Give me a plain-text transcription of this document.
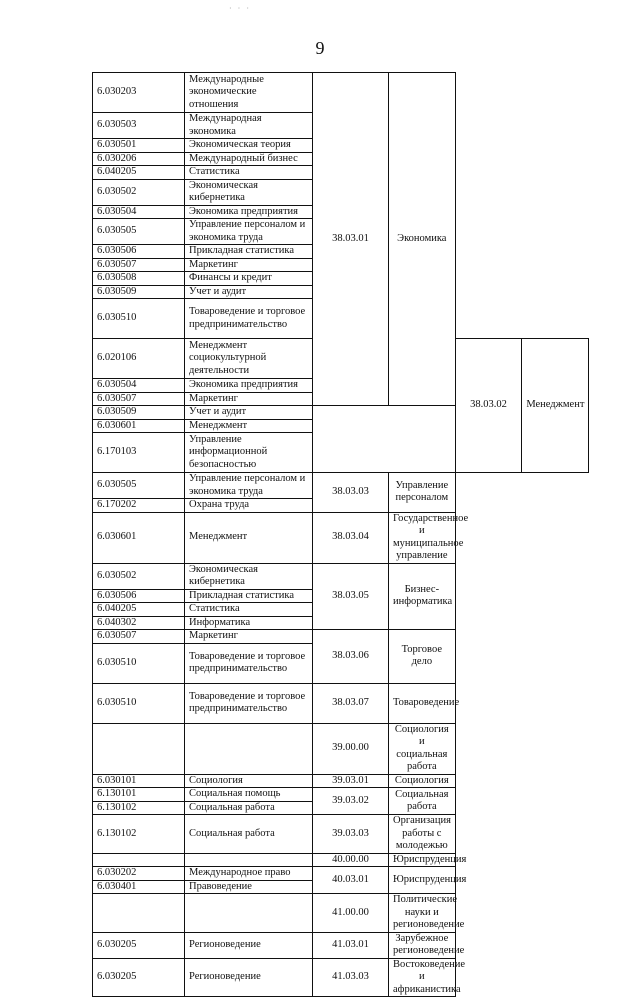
· · ·
9
6.030203	Международные экономические отношения	38.03.01	Экономика		
6.030503	Международная экономика				
6.030501	Экономическая теория				
6.030206	Международный бизнес				
6.040205	Статистика				
6.030502	Экономическая кибернетика				
6.030504	Экономика предприятия				
6.030505	Управление персоналом и экономика труда				
6.030506	Прикладная статистика				
6.030507	Маркетинг				
6.030508	Финансы и кредит				
6.030509	Учет и аудит				
6.030510	Товароведение и торговое предпринимательство				
6.020106	Менеджмент социокультурной деятельности			38.03.02	Менеджмент
6.030504	Экономика предприятия				
6.030507	Маркетинг				
6.030509	Учет и аудит				
6.030601	Менеджмент				
6.170103	Управление информационной безопасностью				
6.030505	Управление персоналом и экономика труда	38.03.03	Управление персоналом		
6.170202	Охрана труда				
6.030601	Менеджмент	38.03.04	Государственное и муниципальное управление		
6.030502	Экономическая кибернетика	38.03.05	Бизнес-информатика		
6.030506	Прикладная статистика				
6.040205	Статистика				
6.040302	Информатика				
6.030507	Маркетинг	38.03.06	Торговое дело		
6.030510	Товароведение и торговое предпринимательство				
6.030510	Товароведение и торговое предпринимательство	38.03.07	Товароведение		
		39.00.00	Социология и социальная работа		
6.030101	Социология	39.03.01	Социология		
6.130101	Социальная помощь	39.03.02	Социальная работа		
6.130102	Социальная работа				
6.130102	Социальная работа	39.03.03	Организация работы с молодежью		
		40.00.00	Юриспруденция		
6.030202	Международное право	40.03.01	Юриспруденция		
6.030401	Правоведение				
		41.00.00	Политические науки и регионоведение		
6.030205	Регионоведение	41.03.01	Зарубежное регионоведение		
6.030205	Регионоведение	41.03.03	Востоковедение и африканистика		
